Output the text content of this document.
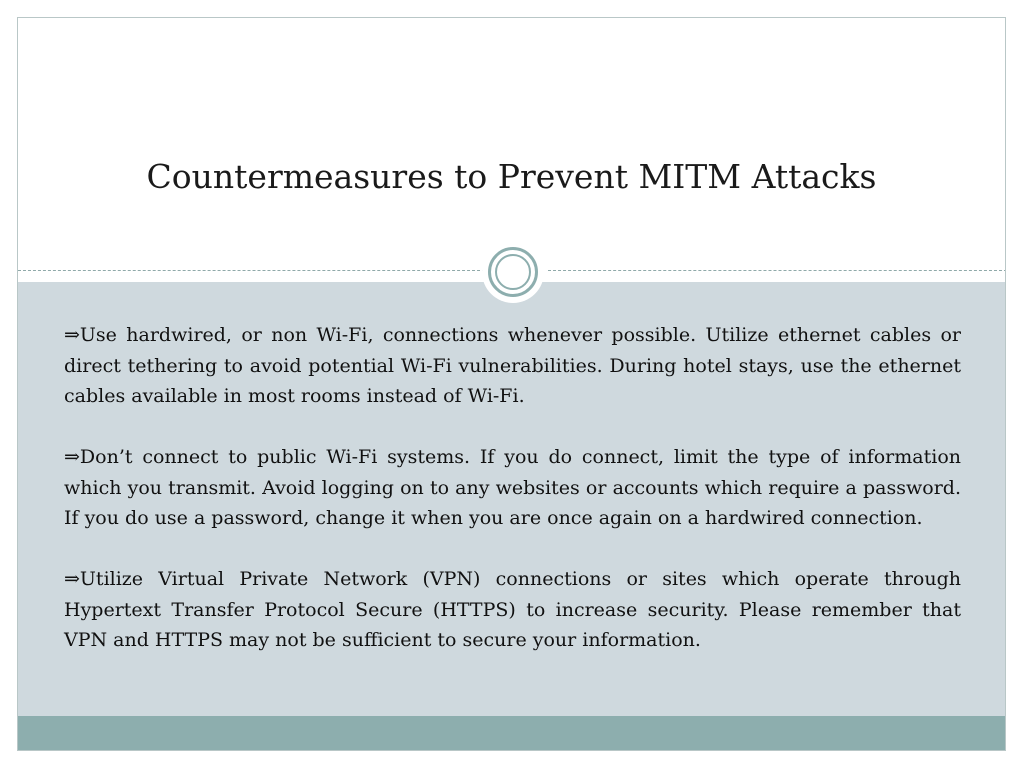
Countermeasures to Prevent MITM Attacks

⇒Use hardwired, or non Wi-Fi, connections whenever possible. Utilize ethernet cables or direct tethering to avoid potential Wi-Fi vulnerabilities. During hotel stays, use the ethernet cables available in most rooms instead of Wi-Fi.

⇒Don’t connect to public Wi-Fi systems. If you do connect, limit the type of information which you transmit. Avoid logging on to any websites or accounts which require a password. If you do use a password, change it when you are once again on a hardwired connection.

⇒Utilize Virtual Private Network (VPN) connections or sites which operate through Hypertext Transfer Protocol Secure (HTTPS) to increase security. Please remember that VPN and HTTPS may not be sufficient to secure your information.
